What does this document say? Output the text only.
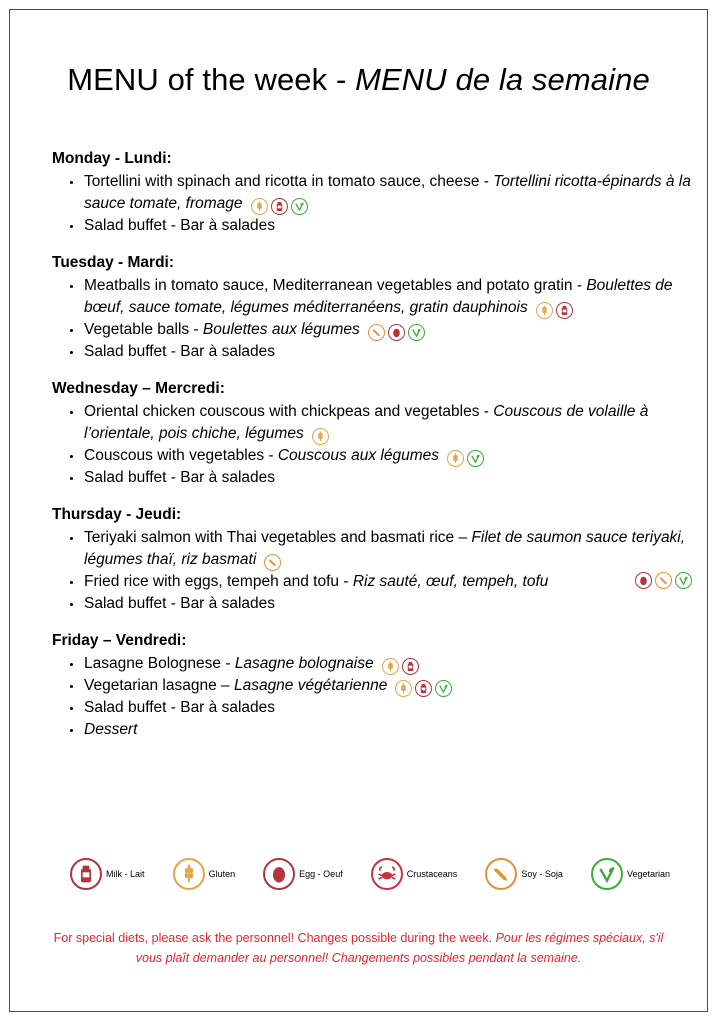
MENU of the week - MENU de la semaine
Monday - Lundi:
Tortellini with spinach and ricotta in tomato sauce, cheese - Tortellini ricotta-épinards à la sauce tomate, fromage
Salad buffet - Bar à salades
Tuesday - Mardi:
Meatballs in tomato sauce, Mediterranean vegetables and potato gratin - Boulettes de bœuf, sauce tomate, légumes méditerranéens, gratin dauphinois
Vegetable balls - Boulettes aux légumes
Salad buffet - Bar à salades
Wednesday – Mercredi:
Oriental chicken couscous with chickpeas and vegetables - Couscous de volaille à l’orientale, pois chiche, légumes
Couscous with vegetables - Couscous aux légumes
Salad buffet - Bar à salades
Thursday - Jeudi:
Teriyaki salmon with Thai vegetables and basmati rice – Filet de saumon sauce teriyaki, légumes thaï, riz basmati
Fried rice with eggs, tempeh and tofu - Riz sauté, œuf, tempeh, tofu
Salad buffet - Bar à salades
Friday – Vendredi:
Lasagne Bolognese - Lasagne bolognaise
Vegetarian lasagne – Lasagne végétarienne
Salad buffet - Bar à salades
Dessert
Milk - Lait	Gluten	Egg - Oeuf	Crustaceans	Soy - Soja	Vegetarian
For special diets, please ask the personnel! Changes possible during the week. Pour les régimes spéciaux, s'il vous plaît demander au personnel! Changements possibles pendant la semaine.
